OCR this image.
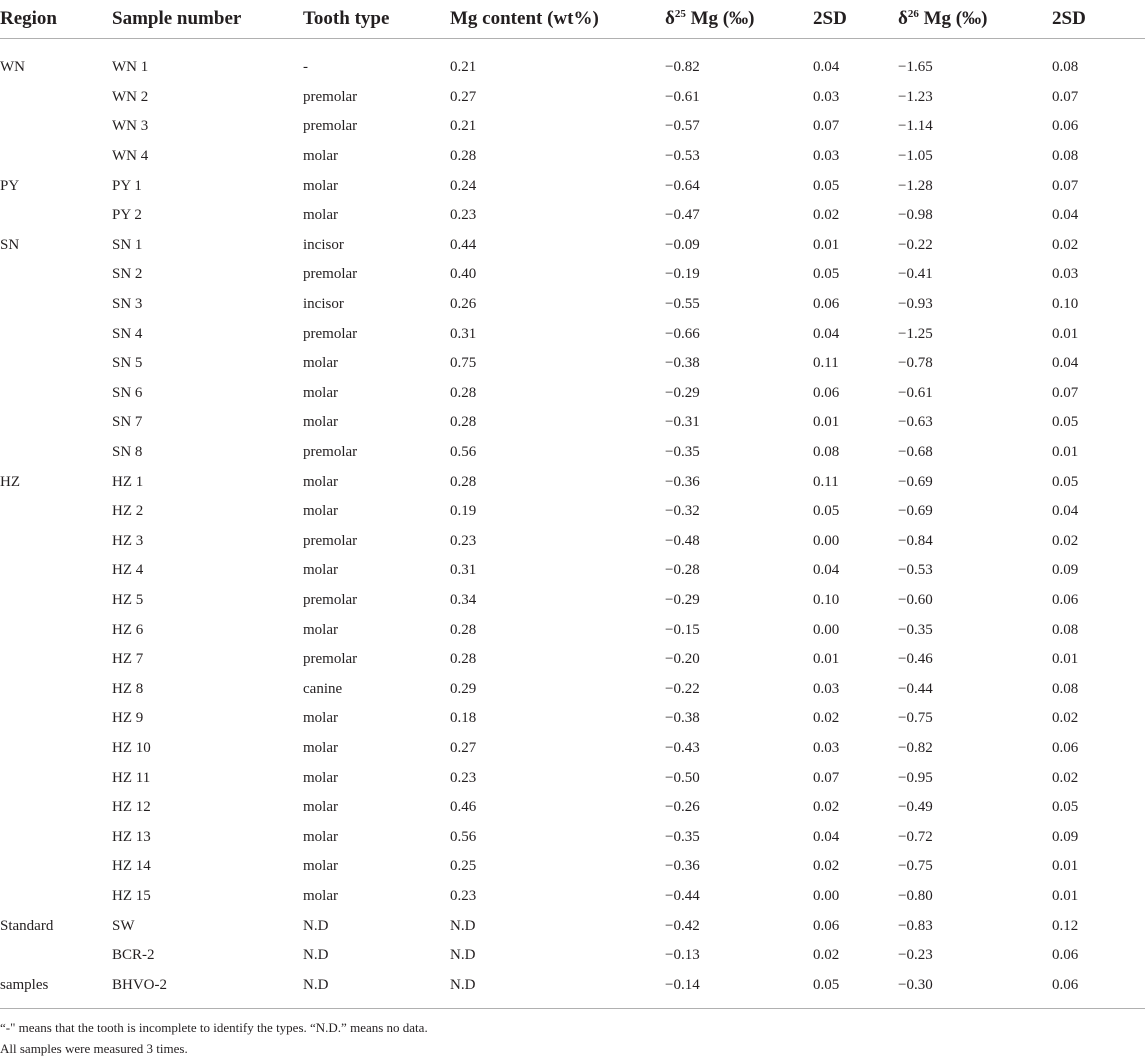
Region	Sample number	Tooth type	Mg content (wt%)	$\delta^{25}$ Mg (‰)	2SD	$\delta^{26}$ Mg (‰)	2SD
WN	WN 1	-	0.21	−0.82	0.04	−1.65	0.08
	WN 2	premolar	0.27	−0.61	0.03	−1.23	0.07
	WN 3	premolar	0.21	−0.57	0.07	−1.14	0.06
	WN 4	molar	0.28	−0.53	0.03	−1.05	0.08
PY	PY 1	molar	0.24	−0.64	0.05	−1.28	0.07
	PY 2	molar	0.23	−0.47	0.02	−0.98	0.04
SN	SN 1	incisor	0.44	−0.09	0.01	−0.22	0.02
	SN 2	premolar	0.40	−0.19	0.05	−0.41	0.03
	SN 3	incisor	0.26	−0.55	0.06	−0.93	0.10
	SN 4	premolar	0.31	−0.66	0.04	−1.25	0.01
	SN 5	molar	0.75	−0.38	0.11	−0.78	0.04
	SN 6	molar	0.28	−0.29	0.06	−0.61	0.07
	SN 7	molar	0.28	−0.31	0.01	−0.63	0.05
	SN 8	premolar	0.56	−0.35	0.08	−0.68	0.01
HZ	HZ 1	molar	0.28	−0.36	0.11	−0.69	0.05
	HZ 2	molar	0.19	−0.32	0.05	−0.69	0.04
	HZ 3	premolar	0.23	−0.48	0.00	−0.84	0.02
	HZ 4	molar	0.31	−0.28	0.04	−0.53	0.09
	HZ 5	premolar	0.34	−0.29	0.10	−0.60	0.06
	HZ 6	molar	0.28	−0.15	0.00	−0.35	0.08
	HZ 7	premolar	0.28	−0.20	0.01	−0.46	0.01
	HZ 8	canine	0.29	−0.22	0.03	−0.44	0.08
	HZ 9	molar	0.18	−0.38	0.02	−0.75	0.02
	HZ 10	molar	0.27	−0.43	0.03	−0.82	0.06
	HZ 11	molar	0.23	−0.50	0.07	−0.95	0.02
	HZ 12	molar	0.46	−0.26	0.02	−0.49	0.05
	HZ 13	molar	0.56	−0.35	0.04	−0.72	0.09
	HZ 14	molar	0.25	−0.36	0.02	−0.75	0.01
	HZ 15	molar	0.23	−0.44	0.00	−0.80	0.01
Standard	SW	N.D	N.D	−0.42	0.06	−0.83	0.12
	BCR-2	N.D	N.D	−0.13	0.02	−0.23	0.06
samples	BHVO-2	N.D	N.D	−0.14	0.05	−0.30	0.06
“-" means that the tooth is incomplete to identify the types. “N.D.” means no data.
All samples were measured 3 times.
